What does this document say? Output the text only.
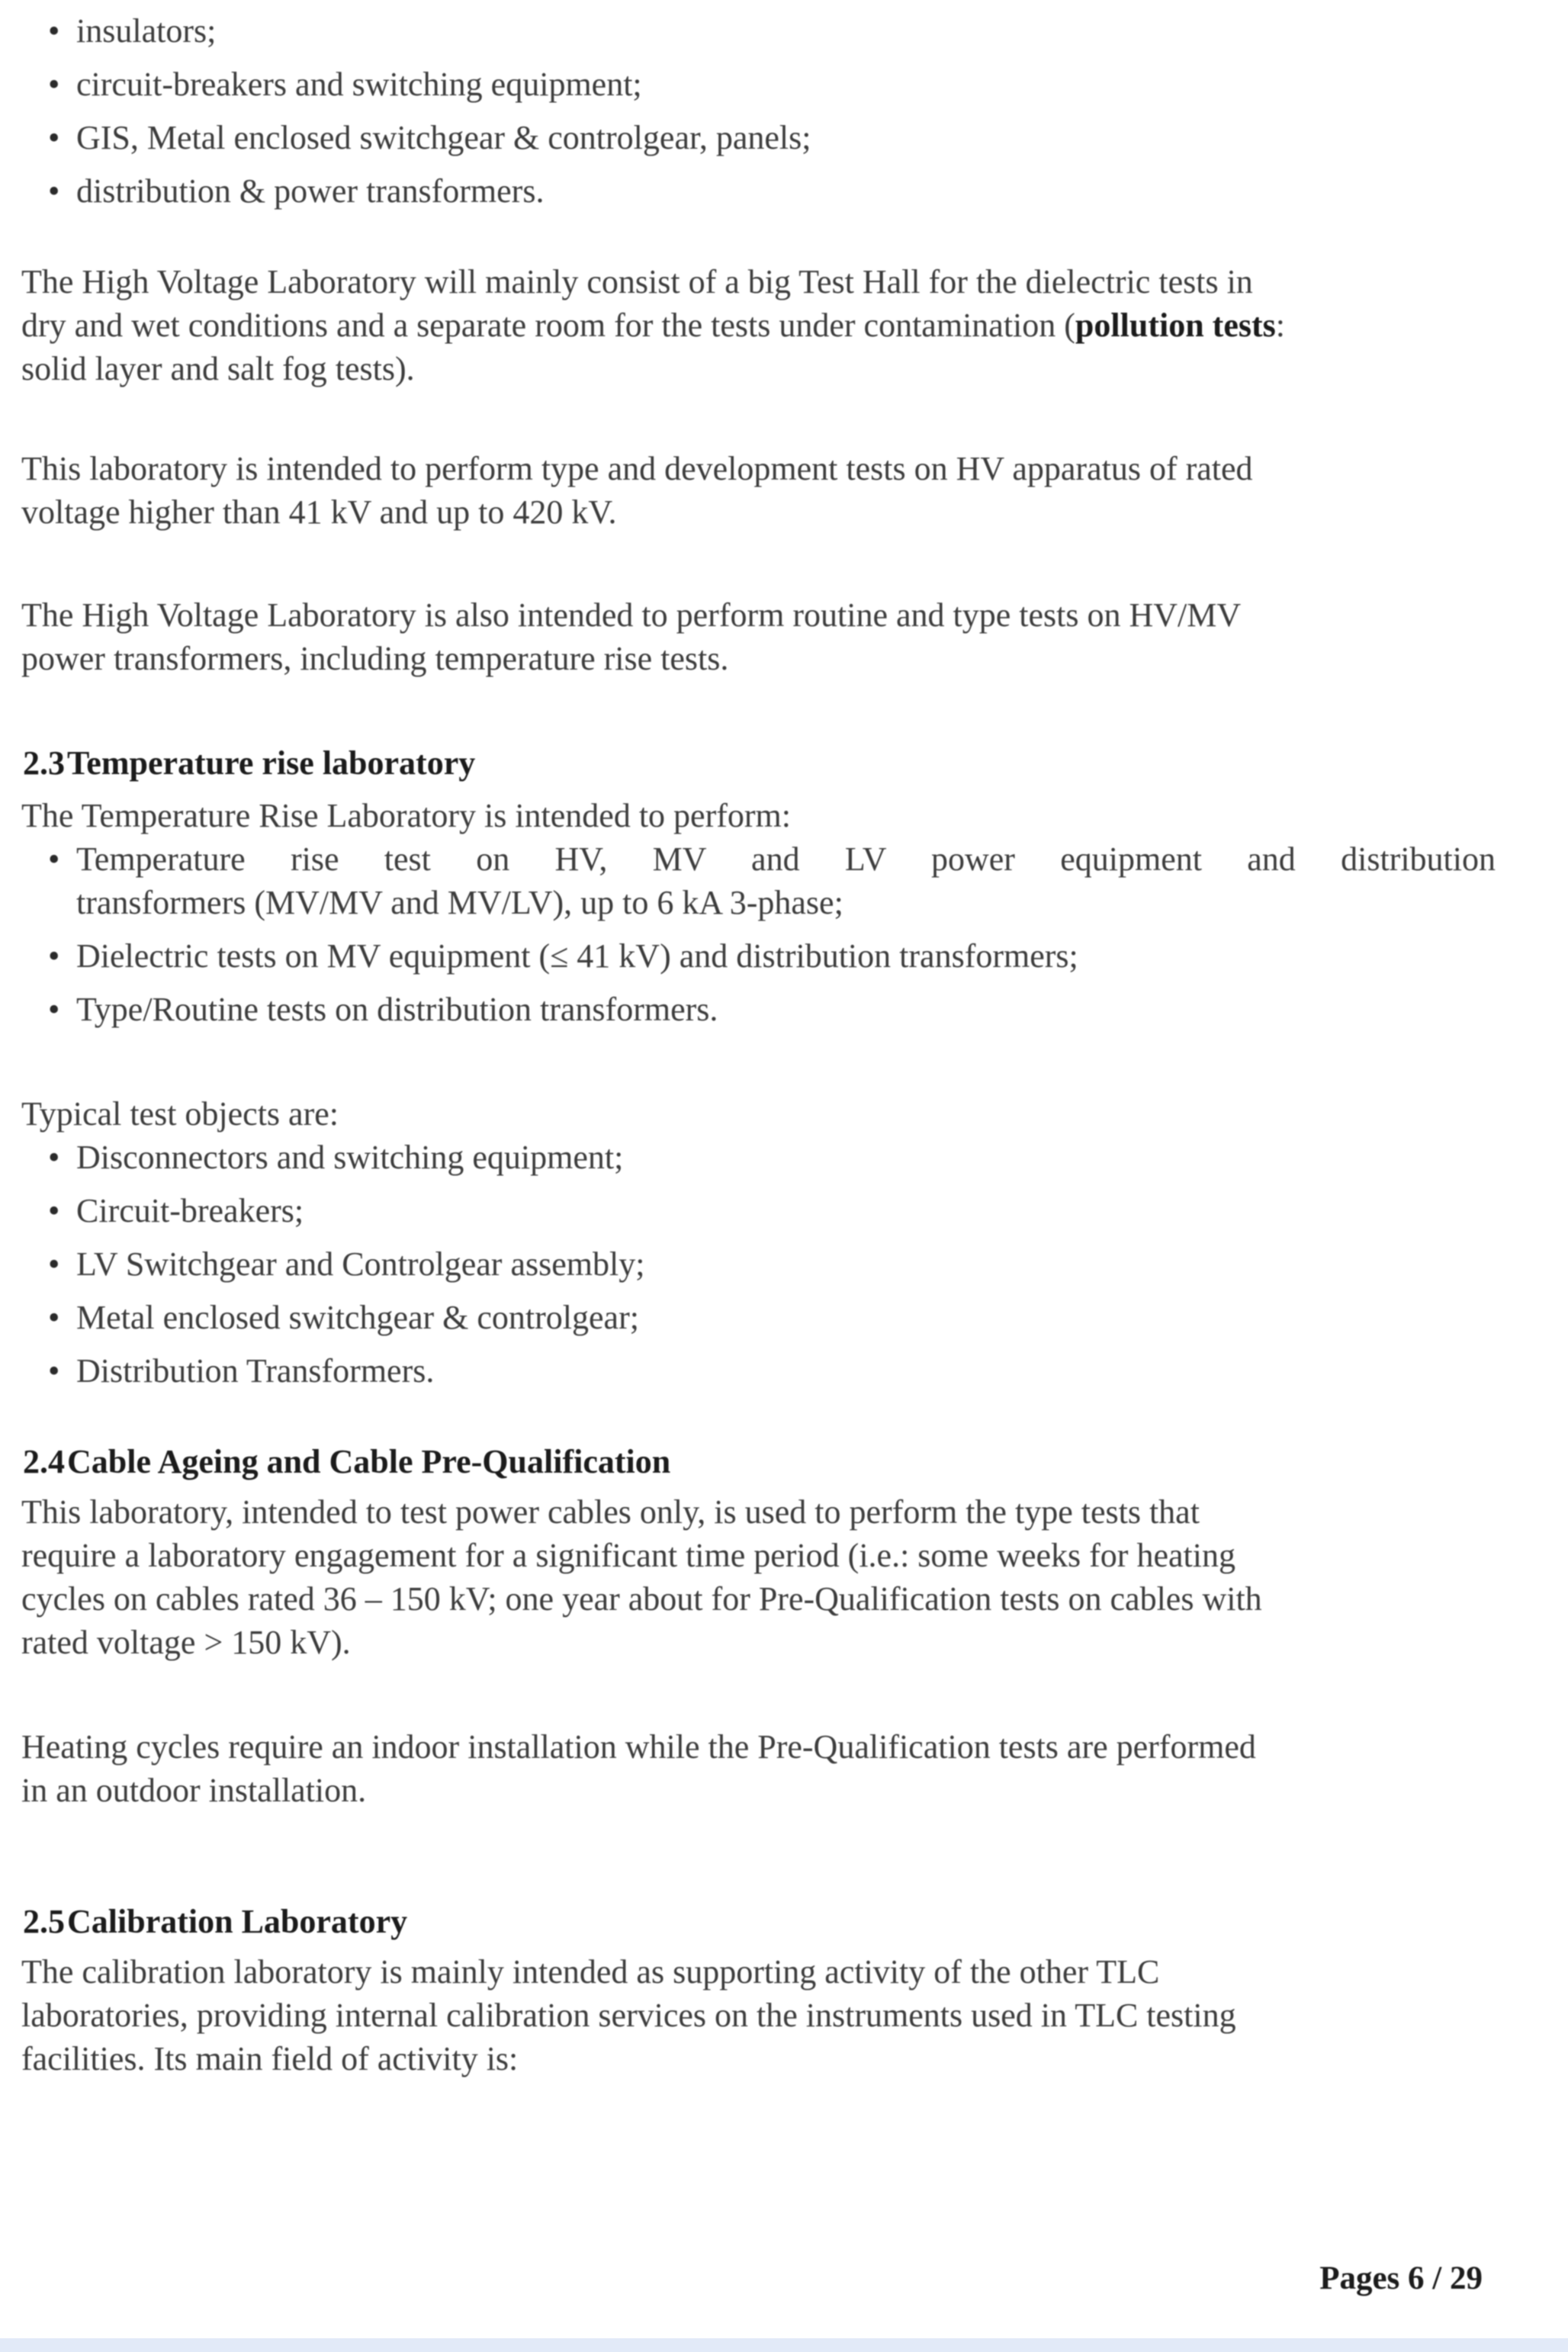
• insulators;
• circuit-breakers and switching equipment;
• GIS, Metal enclosed switchgear & controlgear, panels;
• distribution & power transformers.

The High Voltage Laboratory will mainly consist of a big Test Hall for the dielectric tests in
dry and wet conditions and a separate room for the tests under contamination (pollution tests:
solid layer and salt fog tests).

This laboratory is intended to perform type and development tests on HV apparatus of rated
voltage higher than 41 kV and up to 420 kV.

The High Voltage Laboratory is also intended to perform routine and type tests on HV/MV
power transformers, including temperature rise tests.

2.3Temperature rise laboratory

The Temperature Rise Laboratory is intended to perform:

• Temperature rise test on HV, MV and LV power equipment and distribution
transformers (MV/MV and MV/LV), up to 6 kA 3-phase;
• Dielectric tests on MV equipment (≤ 41 kV) and distribution transformers;
• Type/Routine tests on distribution transformers.

Typical test objects are:

• Disconnectors and switching equipment;
• Circuit-breakers;
• LV Switchgear and Controlgear assembly;
• Metal enclosed switchgear & controlgear;
• Distribution Transformers.
2.4Cable Ageing and Cable Pre-Qualification

This laboratory, intended to test power cables only, is used to perform the type tests that
require a laboratory engagement for a significant time period (i.e.: some weeks for heating
cycles on cables rated 36 – 150 kV; one year about for Pre-Qualification tests on cables with
rated voltage > 150 kV).

Heating cycles require an indoor installation while the Pre-Qualification tests are performed
in an outdoor installation.

2.5Calibration Laboratory

The calibration laboratory is mainly intended as supporting activity of the other TLC
laboratories, providing internal calibration services on the instruments used in TLC testing
facilities. Its main field of activity is:

Pages 6 / 29
